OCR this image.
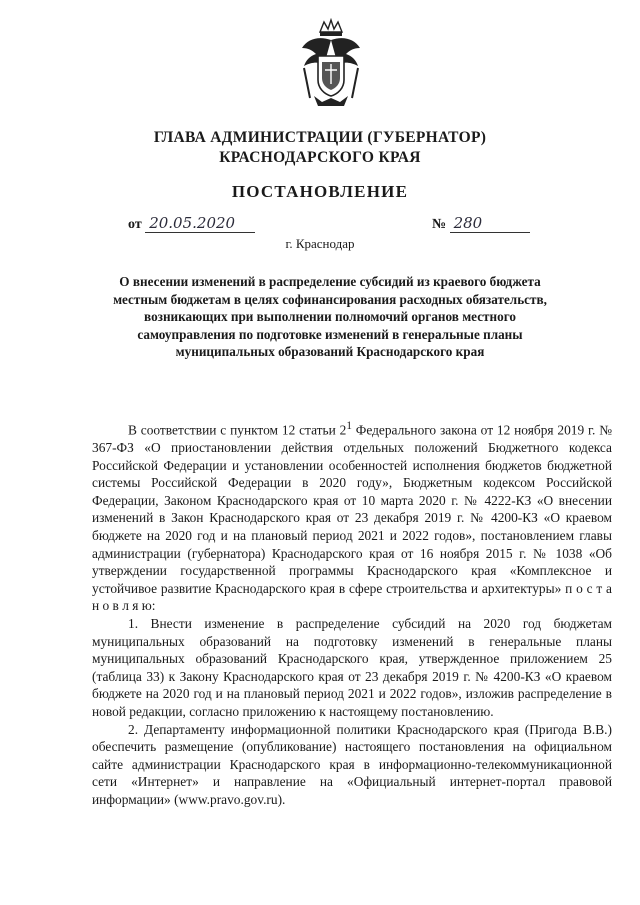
ГЛАВА АДМИНИСТРАЦИИ (ГУБЕРНАТОР)
КРАСНОДАРСКОГО КРАЯ
ПОСТАНОВЛЕНИЕ
от 20.05.2020	№ 280
г. Краснодар
О внесении изменений в распределение субсидий из краевого бюджета местным бюджетам в целях софинансирования расходных обязательств, возникающих при выполнении полномочий органов местного самоуправления по подготовке изменений в генеральные планы муниципальных образований Краснодарского края

В соответствии с пунктом 12 статьи $2^1$ Федерального закона от 12 ноября 2019 г. № 367-ФЗ «О приостановлении действия отдельных положений Бюджетного кодекса Российской Федерации и установлении особенностей исполнения бюджетов бюджетной системы Российской Федерации в 2020 году», Бюджетным кодексом Российской Федерации, Законом Краснодарского края от 10 марта 2020 г. № 4222-КЗ «О внесении изменений в Закон Краснодарского края от 23 декабря 2019 г. № 4200-КЗ «О краевом бюджете на 2020 год и на плановый период 2021 и 2022 годов», постановлением главы администрации (губернатора) Краснодарского края от 16 ноября 2015 г. № 1038 «Об утверждении государственной программы Краснодарского края «Комплексное и устойчивое развитие Краснодарского края в сфере строительства и архитектуры» п о с т а н о в л я ю:

1. Внести изменение в распределение субсидий на 2020 год бюджетам муниципальных образований на подготовку изменений в генеральные планы муниципальных образований Краснодарского края, утвержденное приложением 25 (таблица 33) к Закону Краснодарского края от 23 декабря 2019 г. № 4200-КЗ «О краевом бюджете на 2020 год и на плановый период 2021 и 2022 годов», изложив распределение в новой редакции, согласно приложению к настоящему постановлению.

2. Департаменту информационной политики Краснодарского края (Пригода В.В.) обеспечить размещение (опубликование) настоящего постановления на официальном сайте администрации Краснодарского края в информационно-телекоммуникационной сети «Интернет» и направление на «Официальный интернет-портал правовой информации» (www.pravo.gov.ru).
